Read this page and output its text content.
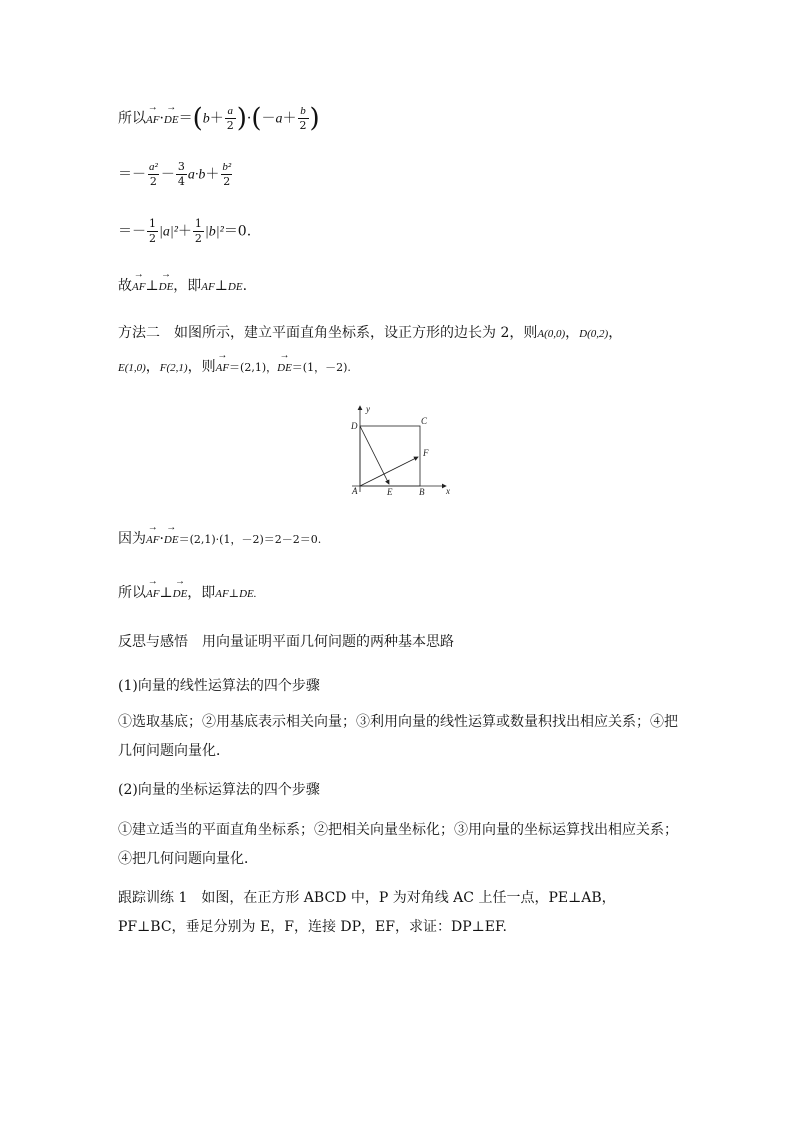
所以→ $AF\cdot\to DE=(b+ \frac{a}{2} )\cdot(-a+ \frac{b}{2}$ )
＝－ $\frac{\text{a²}}{2} - \frac{3}{4} a\cdot b+ \frac{\text{b²}}{2}$
＝－ $\frac{1}{2} |a|^2+ \frac{1}{2} |b|^2=0$.
故→ AF⊥→ DE，即AF⊥DE.
方法二　如图所示，建立平面直角坐标系，设正方形的边长为 2，则A(0,0)，D(0,2)，
E(1,0)，F(2,1)，则→ AF＝(2,1)，→ DE＝(1，－2).
y
x
D	C
F
A	E	B
因为→ AF·→ DE＝(2,1)·(1，－2)＝2－2＝0.
所以→ AF⊥→ DE，即AF⊥DE.
反思与感悟　用向量证明平面几何问题的两种基本思路
(1)向量的线性运算法的四个步骤
①选取基底；②用基底表示相关向量；③利用向量的线性运算或数量积找出相应关系；④把几何问题向量化．
(2)向量的坐标运算法的四个步骤
①建立适当的平面直角坐标系；②把相关向量坐标化；③用向量的坐标运算找出相应关系；④把几何问题向量化．
跟踪训练 1　如图，在正方形 ABCD 中，P 为对角线 AC 上任一点，PE⊥AB，PF⊥BC，垂足分别为 E，F，连接 DP，EF，求证：DP⊥EF.
